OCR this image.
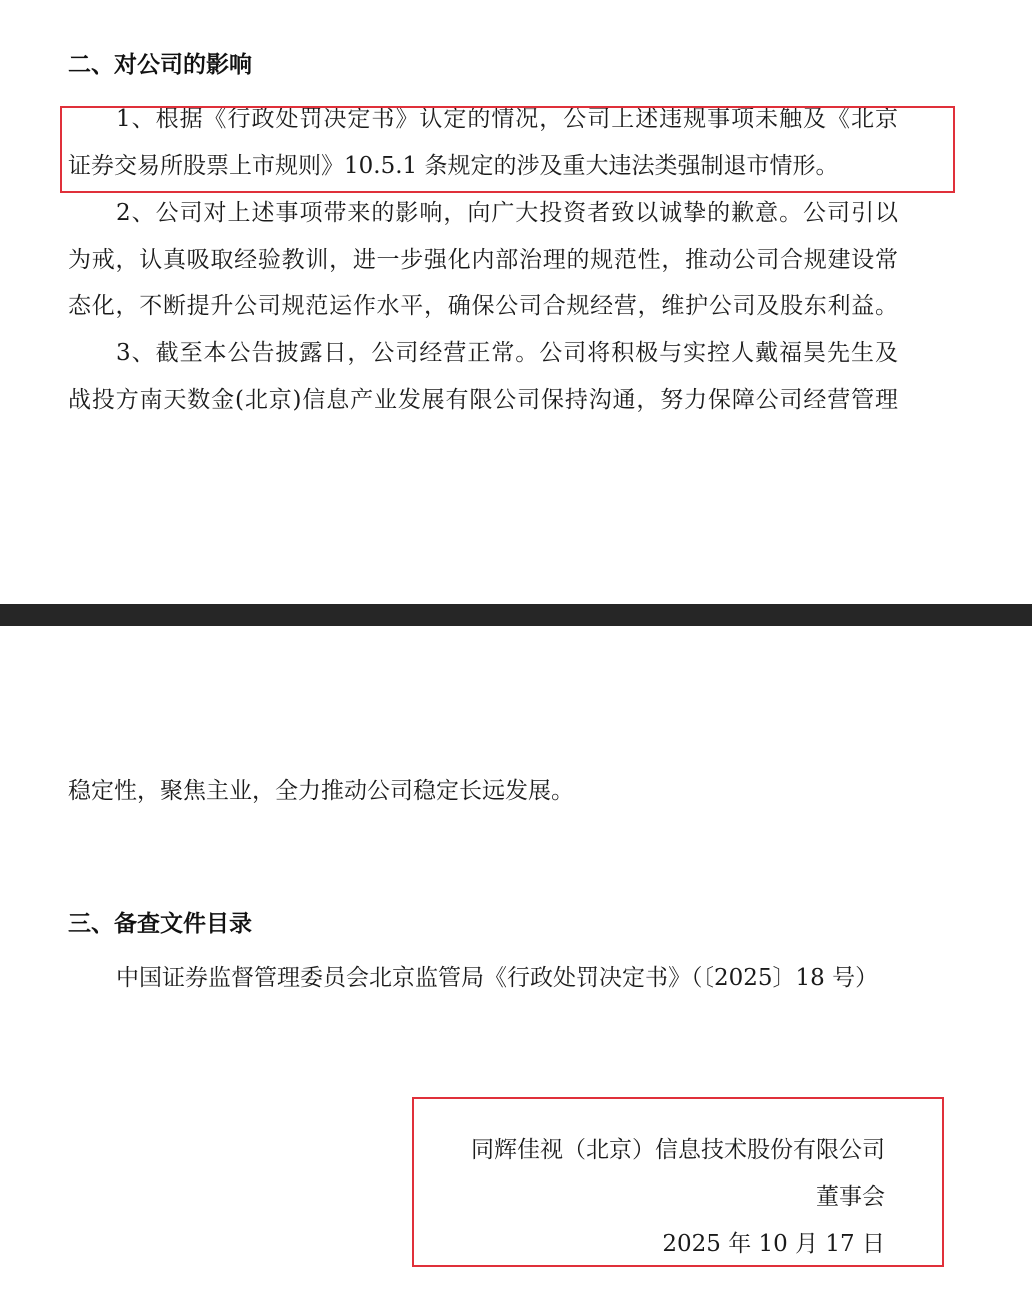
二、对公司的影响
1、根据《行政处罚决定书》认定的情况，公司上述违规事项未触及《北京
证券交易所股票上市规则》10.5.1 条规定的涉及重大违法类强制退市情形。
2、公司对上述事项带来的影响，向广大投资者致以诚挚的歉意。公司引以
为戒，认真吸取经验教训，进一步强化内部治理的规范性，推动公司合规建设常
态化，不断提升公司规范运作水平，确保公司合规经营，维护公司及股东利益。
3、截至本公告披露日，公司经营正常。公司将积极与实控人戴福昊先生及
战投方南天数金(北京)信息产业发展有限公司保持沟通，努力保障公司经营管理
稳定性，聚焦主业，全力推动公司稳定长远发展。
三、备查文件目录
中国证券监督管理委员会北京监管局《行政处罚决定书》（〔2025〕18 号）
同辉佳视（北京）信息技术股份有限公司
董事会
2025 年 10 月 17 日
